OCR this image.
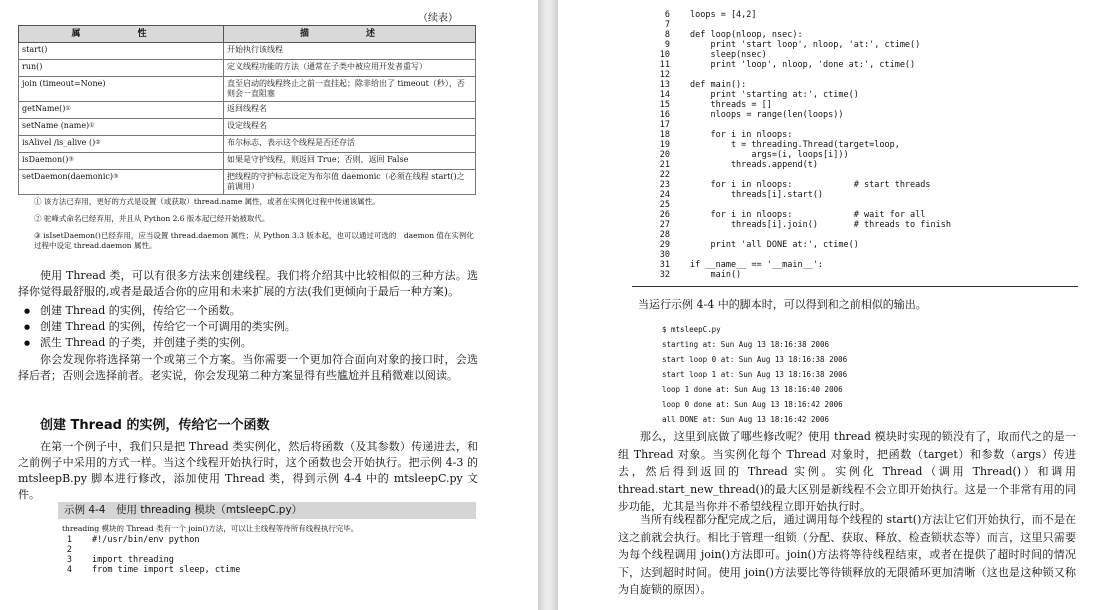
（续表）
属　性	描　述
start()	开始执行该线程
run()	定义线程功能的方法（通常在子类中被应用开发者重写）
join (timeout=None)	直至启动的线程终止之前一直挂起；除非给出了 timeout（秒），否则会一直阻塞
getName()①	返回线程名
setName (name)①	设定线程名
isAlivel /is_alive ()②	布尔标志，表示这个线程是否还存活
isDaemon()③	如果是守护线程，则返回 True；否则，返回 False
setDaemon(daemonic)③	把线程的守护标志设定为布尔值 daemonic（必须在线程 start()之前调用）
① 该方法已弃用，更好的方式是设置（或获取）thread.name 属性，或者在实例化过程中传递该属性。
② 驼峰式命名已经弃用，并且从 Python 2.6 版本起已经开始被取代。
③ isIsetDaemon()已经弃用，应当设置 thread.daemon 属性；从 Python 3.3 版本起，也可以通过可选的　daemon 值在实例化过程中设定 thread.daemon 属性。
使用 Thread 类，可以有很多方法来创建线程。我们将介绍其中比较相似的三种方法。选择你觉得最舒服的,或者是最适合你的应用和未来扩展的方法(我们更倾向于最后一种方案)。
● 创建 Thread 的实例，传给它一个函数。
● 创建 Thread 的实例，传给它一个可调用的类实例。
● 派生 Thread 的子类，并创建子类的实例。
你会发现你将选择第一个或第三个方案。当你需要一个更加符合面向对象的接口时，会选择后者；否则会选择前者。老实说，你会发现第二种方案显得有些尴尬并且稍微难以阅读。
创建 Thread 的实例，传给它一个函数
在第一个例子中，我们只是把 Thread 类实例化，然后将函数（及其参数）传递进去，和之前例子中采用的方式一样。当这个线程开始执行时，这个函数也会开始执行。把示例 4-3 的 mtsleepB.py 脚本进行修改，添加使用 Thread 类，得到示例 4-4 中的 mtsleepC.py 文件。
示例 4-4　使用 threading 模块（mtsleepC.py）
threading 模块的 Thread 类有一个 join()方法，可以让主线程等待所有线程执行完毕。
1 #!/usr/bin/env python
2
3 import threading
4 from time import sleep, ctime
6 loops = [4,2]
7
8 def loop(nloop, nsec):
9    print 'start loop', nloop, 'at:', ctime()
10    sleep(nsec)
11    print 'loop', nloop, 'done at:', ctime()
12
13 def main():
14    print 'starting at:', ctime()
15    threads = []
16    nloops = range(len(loops))
17
18    for i in nloops:
19        t = threading.Thread(target=loop,
20            args=(i, loops[i]))
21        threads.append(t)
22
23    for i in nloops:            # start threads
24        threads[i].start()
25
26    for i in nloops:            # wait for all
27        threads[i].join()       # threads to finish
28
29    print 'all DONE at:', ctime()
30
31 if __name__ == '__main__':
32    main()
当运行示例 4-4 中的脚本时，可以得到和之前相似的输出。
$ mtsleepC.py
starting at: Sun Aug 13 18:16:38 2006
start loop 0 at: Sun Aug 13 18:16:38 2006
start loop 1 at: Sun Aug 13 18:16:38 2006
loop 1 done at: Sun Aug 13 18:16:40 2006
loop 0 done at: Sun Aug 13 18:16:42 2006
all DONE at: Sun Aug 13 18:16:42 2006
那么，这里到底做了哪些修改呢？使用 thread 模块时实现的锁没有了，取而代之的是一组 Thread 对象。当实例化每个 Thread 对象时，把函数（target）和参数（args）传进去，然后得到返回的 Thread 实例。实例化 Thread（调用 Thread()）和调用 thread.start_new_thread()的最大区别是新线程不会立即开始执行。这是一个非常有用的同步功能，尤其是当你并不希望线程立即开始执行时。
当所有线程都分配完成之后，通过调用每个线程的 start()方法让它们开始执行，而不是在这之前就会执行。相比于管理一组锁（分配、获取、释放、检查锁状态等）而言，这里只需要为每个线程调用 join()方法即可。join()方法将等待线程结束，或者在提供了超时时间的情况下，达到超时时间。使用 join()方法要比等待锁释放的无限循环更加清晰（这也是这种锁又称为自旋锁的原因）。
